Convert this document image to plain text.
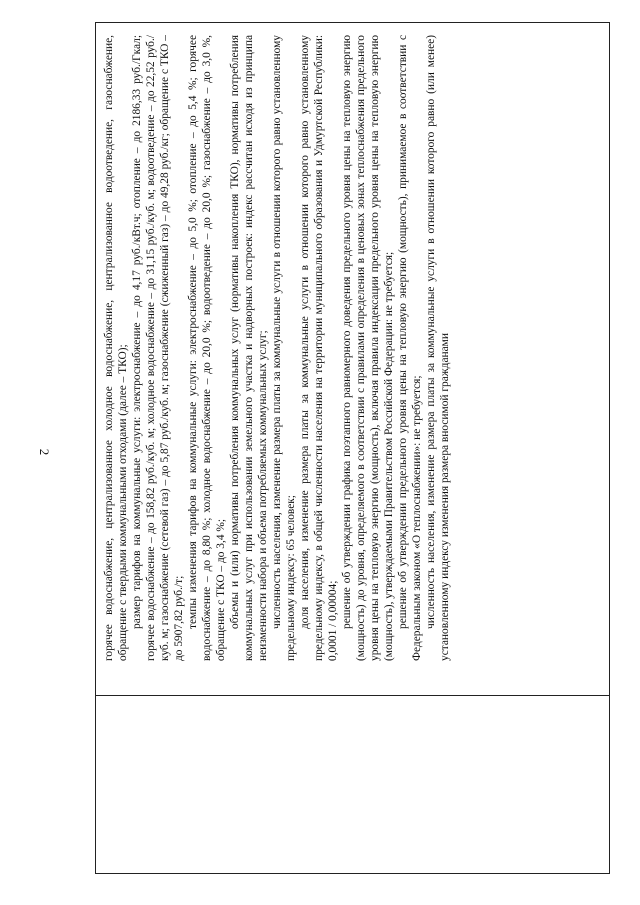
2	горячее водоснабжение, централизованное холодное водоснабжение, централизованное водоотведение, газоснабжение, обращение с твердыми коммунальными отходами (далее – ТКО); размер тарифов на коммунальные услуги: электроснабжение – до 4,17 руб./кВт.ч; отопление – до 2186,33 руб./Гкал; горячее водоснабжение – до 158,82 руб./куб. м; холодное водоснабжение – до 31,15 руб./куб. м; водоотведение – до 22,52 руб./куб. м; газоснабжение (сетевой газ) – до 5,87 руб./куб. м; газоснабжение (сжиженный газ) – до 49,28 руб./кг; обращение с ТКО – до 5907,82 руб./т; темпы изменения тарифов на коммунальные услуги: электроснабжение – до 5,0 %; отопление – до 5,4 %; горячее водоснабжение – до 8,80 %; холодное водоснабжение – до 20,0 %; водоотведение – до 20,0 %; газоснабжение – до 3,0 %, обращение с ТКО – до 3,4 %; объемы и (или) нормативы потребления коммунальных услуг (нормативы накопления ТКО), нормативы потребления коммунальных услуг при использовании земельного участка и надворных построек: индекс рассчитан исходя из принципа неизменности набора и объема потребляемых коммунальных услуг; численность населения, изменение размера платы за коммунальные услуги в отношении которого равно установленному предельному индексу: 65 человек; доля населения, изменение размера платы за коммунальные услуги в отношении которого равно установленному предельному индексу, в общей численности населения на территории муниципального образования и Удмуртской Республики: 0,0001 / 0,00004; решение об утверждении графика поэтапного равномерного доведения предельного уровня цены на тепловую энергию (мощность) до уровня, определяемого в соответствии с правилами определения в ценовых зонах теплоснабжения предельного уровня цены на тепловую энергию (мощность), включая правила индексации предельного уровня цены на тепловую энергию (мощность), утверждаемыми Правительством Российской Федерации: не требуется; решение об утверждении предельного уровня цены на тепловую энергию (мощность), принимаемое в соответствии с Федеральным законом «О теплоснабжении»: не требуется; численность населения, изменение размера платы за коммунальные услуги в отношении которого равно (или менее) установленному индексу изменения размера вносимой гражданами
